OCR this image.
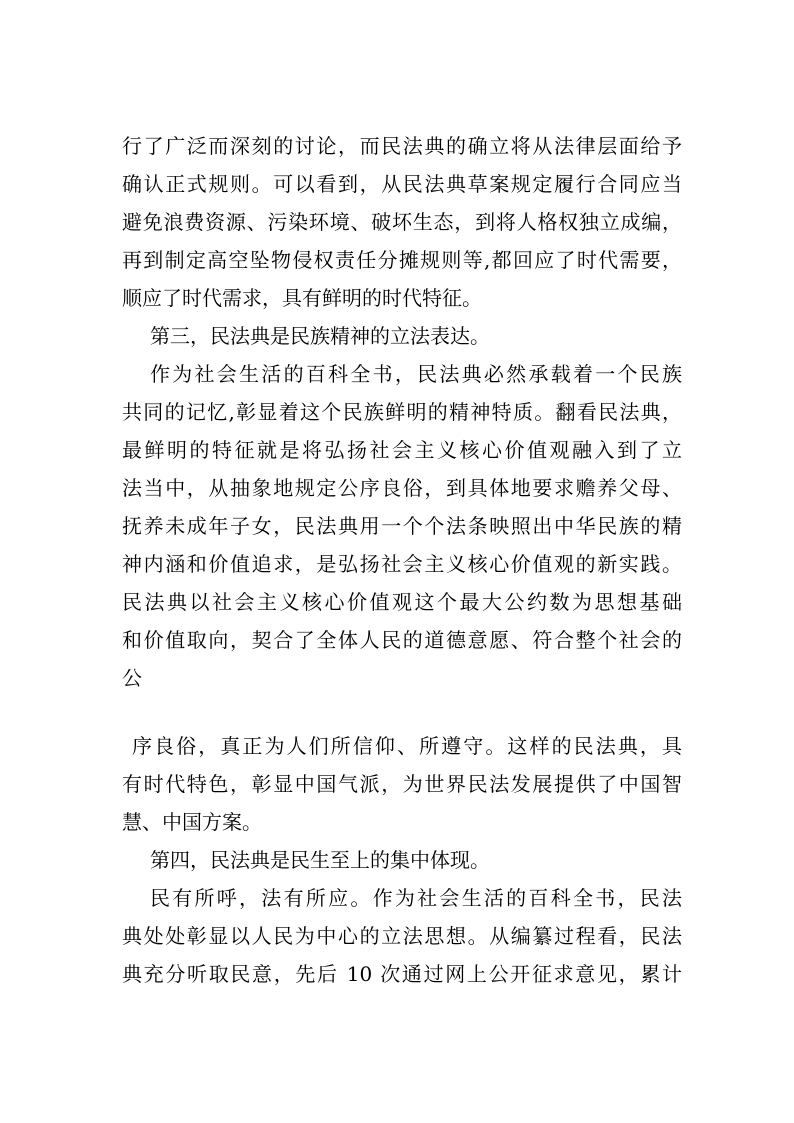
行了广泛而深刻的讨论，而民法典的确立将从法律层面给予
确认正式规则。可以看到，从民法典草案规定履行合同应当
避免浪费资源、污染环境、破坏生态，到将人格权独立成编，
再到制定高空坠物侵权责任分摊规则等,都回应了时代需要，
顺应了时代需求，具有鲜明的时代特征。
第三，民法典是民族精神的立法表达。
作为社会生活的百科全书，民法典必然承载着一个民族
共同的记忆,彰显着这个民族鲜明的精神特质。翻看民法典，
最鲜明的特征就是将弘扬社会主义核心价值观融入到了立
法当中，从抽象地规定公序良俗，到具体地要求赡养父母、
抚养未成年子女，民法典用一个个法条映照出中华民族的精
神内涵和价值追求，是弘扬社会主义核心价值观的新实践。
民法典以社会主义核心价值观这个最大公约数为思想基础
和价值取向，契合了全体人民的道德意愿、符合整个社会的
公
序良俗，真正为人们所信仰、所遵守。这样的民法典，具
有时代特色，彰显中国气派，为世界民法发展提供了中国智
慧、中国方案。
第四，民法典是民生至上的集中体现。
民有所呼，法有所应。作为社会生活的百科全书，民法
典处处彰显以人民为中心的立法思想。从编纂过程看，民法
典充分听取民意，先后 10 次通过网上公开征求意见，累计
